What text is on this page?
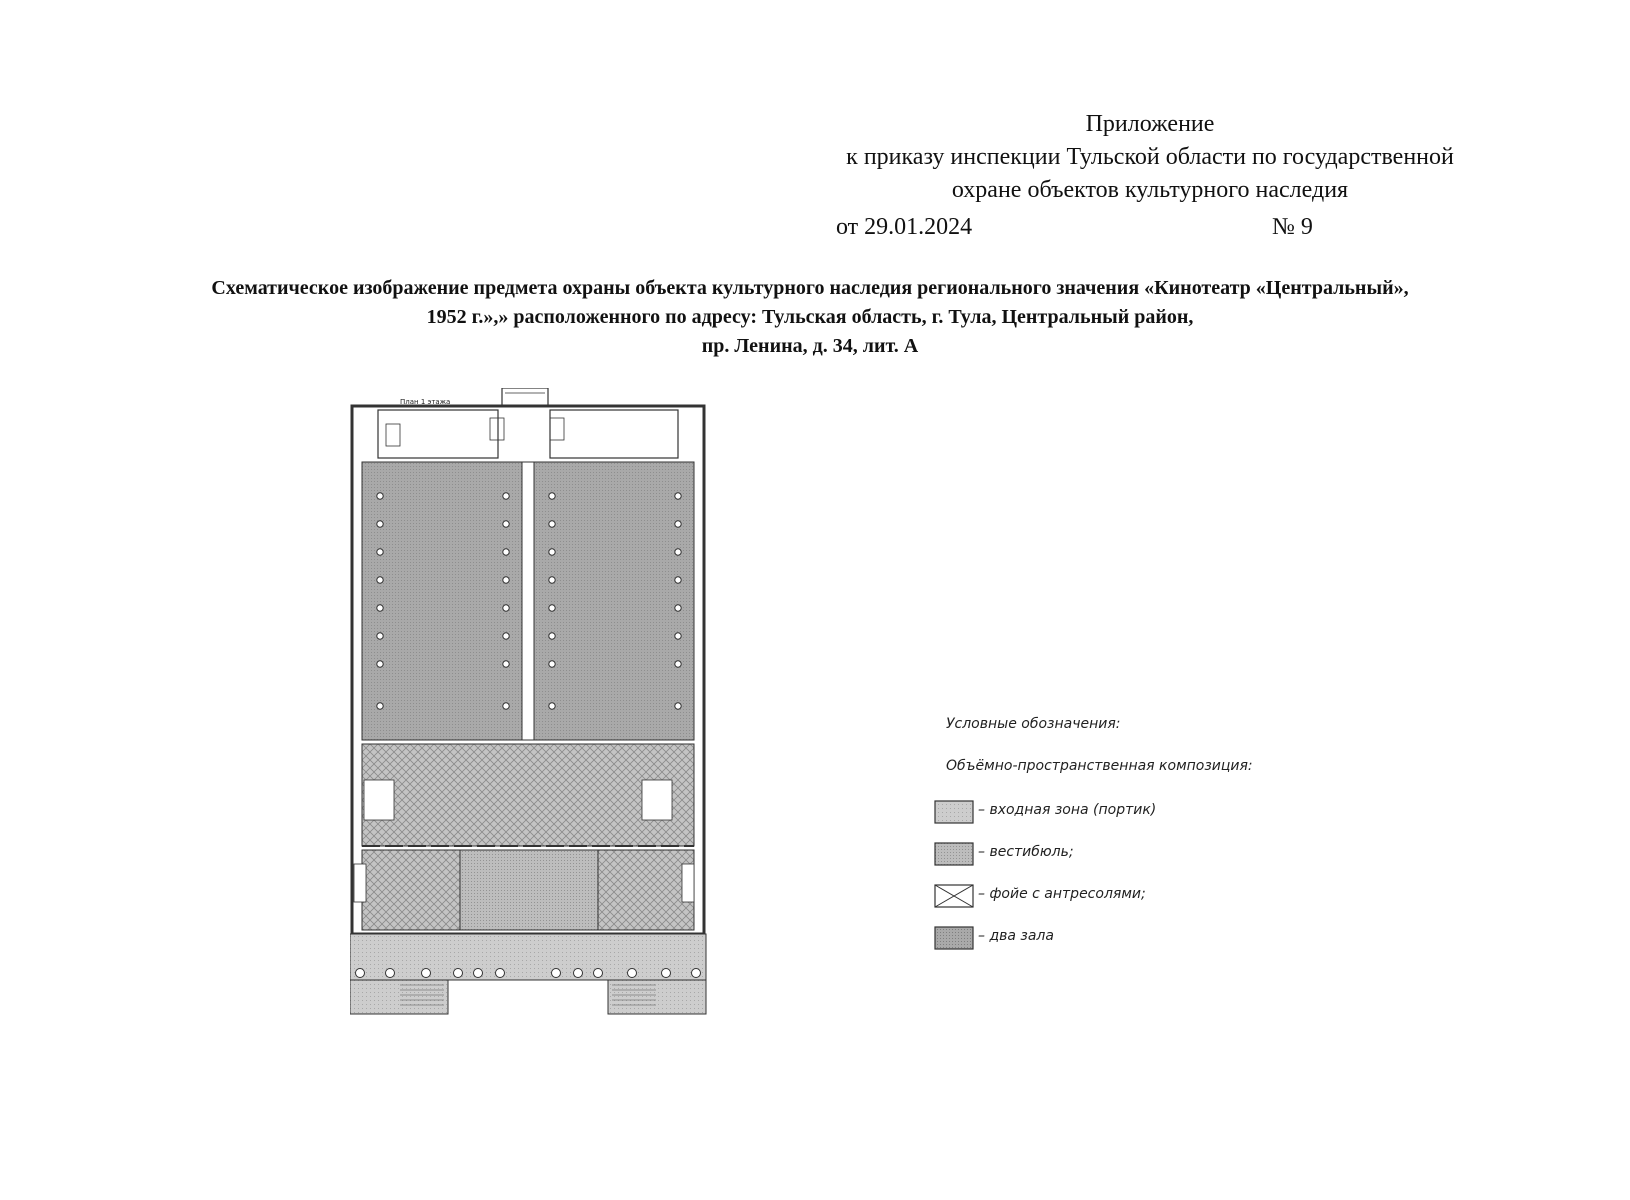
Приложение
к приказу инспекции Тульской области по государственной
охране объектов культурного наследия
от 29.01.2024	№ 9
Схематическое изображение предмета охраны объекта культурного наследия регионального значения «Кинотеатр «Центральный»,
1952 г.»,» расположенного по адресу: Тульская область, г. Тула, Центральный район,
пр. Ленина, д. 34, лит. А
План 1 этажа
Условные обозначения:
Объёмно-пространственная композиция:
– входная зона (портик)
– вестибюль;
– фойе с антресолями;
– два зала
